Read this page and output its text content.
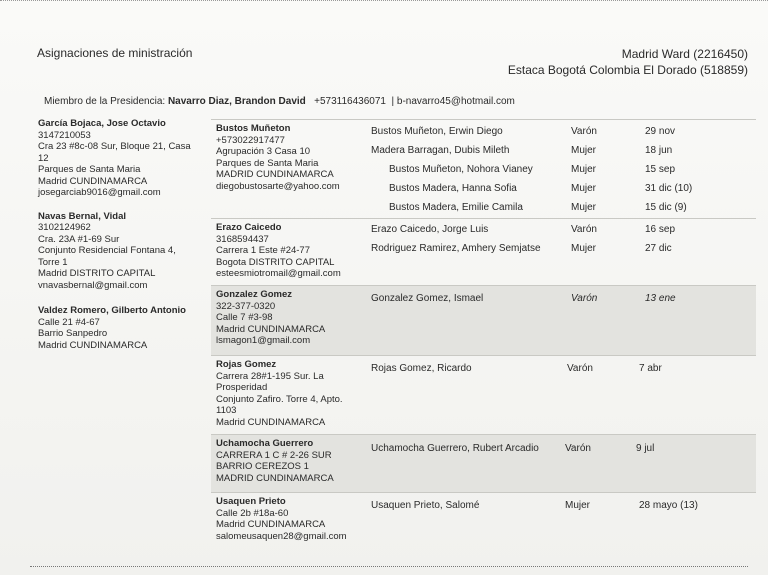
Asignaciones de ministración	Madrid Ward (2216450)
Estaca Bogotá Colombia El Dorado (518859)
Miembro de la Presidencia: Navarro Diaz, Brandon David +573116436071 | b-navarro45@hotmail.com
García Bojaca, Jose Octavio
3147210053
Cra 23 #8c-08 Sur, Bloque 21, Casa
12
Parques de Santa Maria
Madrid CUNDINAMARCA
josegarciab9016@gmail.com
Navas Bernal, Vidal
3102124962
Cra. 23A #1-69 Sur
Conjunto Residencial Fontana 4,
Torre 1
Madrid DISTRITO CAPITAL
vnavasbernal@gmail.com
Valdez Romero, Gilberto Antonio
Calle 21 #4-67
Barrio Sanpedro
Madrid CUNDINAMARCA
Bustos Muñeton
+573022917477
Agrupación 3 Casa 10
Parques de Santa Maria
MADRID CUNDINAMARCA
diegobustosarte@yahoo.com
Bustos Muñeton, Erwin Diego	Varón	29 nov
Madera Barragan, Dubis Mileth	Mujer	18 jun
Bustos Muñeton, Nohora Vianey	Mujer	15 sep
Bustos Madera, Hanna Sofia	Mujer	31 dic (10)
Bustos Madera, Emilie Camila	Mujer	15 dic (9)
Erazo Caicedo
3168594437
Carrera 1 Este #24-77
Bogota DISTRITO CAPITAL
esteesmiotromail@gmail.com
Erazo Caicedo, Jorge Luis	Varón	16 sep
Rodriguez Ramirez, Amhery Semjatse	Mujer	27 dic
Gonzalez Gomez
322-377-0320
Calle 7 #3-98
Madrid CUNDINAMARCA
lsmagon1@gmail.com
Gonzalez Gomez, Ismael	Varón	13 ene
Rojas Gomez
Carrera 28#1-195 Sur. La
Prosperidad
Conjunto Zafiro. Torre 4, Apto.
1103
Madrid CUNDINAMARCA
Rojas Gomez, Ricardo	Varón	7 abr
Uchamocha Guerrero
CARRERA 1 C # 2-26 SUR
BARRIO CEREZOS 1
MADRID CUNDINAMARCA
Uchamocha Guerrero, Rubert Arcadio	Varón	9 jul
Usaquen Prieto
Calle 2b #18a-60
Madrid CUNDINAMARCA
salomeusaquen28@gmail.com
Usaquen Prieto, Salomé	Mujer	28 mayo (13)
